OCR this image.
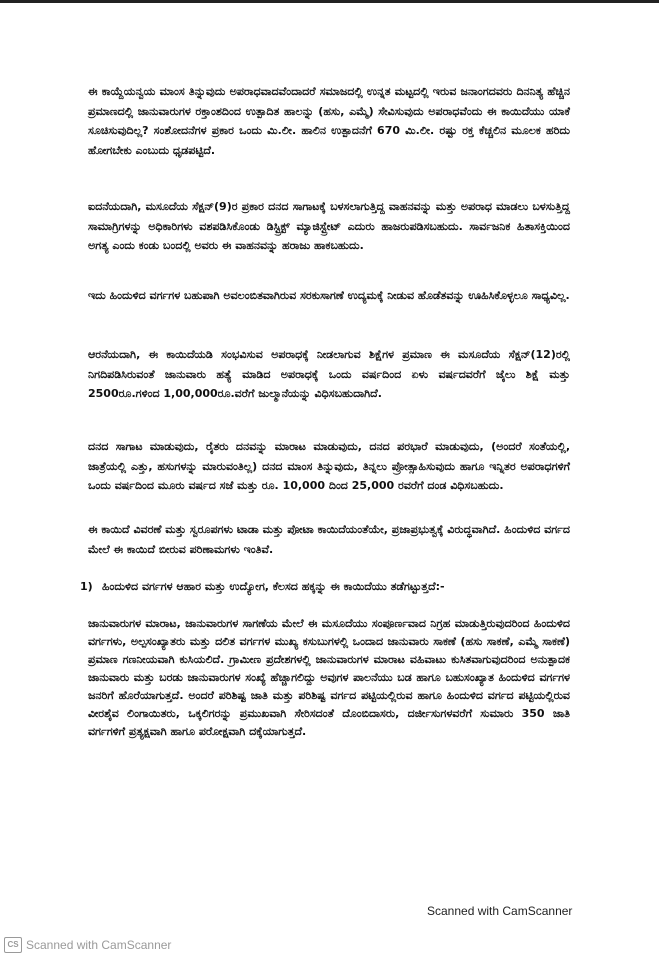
ಈ ಕಾಯ್ದೆಯನ್ವಯ ಮಾಂಸ ತಿನ್ನುವುದು ಅಪರಾಧವಾದವೆಂದಾದರೆ ಸಮಾಜದಲ್ಲಿ ಉನ್ನತ ಮಟ್ಟದಲ್ಲಿ ಇರುವ ಜನಾಂಗದವರು ದಿನನಿತ್ಯ ಹೆಚ್ಚಿನ ಪ್ರಮಾಣದಲ್ಲಿ ಜಾನುವಾರುಗಳ ರಕ್ತಾಂಶದಿಂದ ಉತ್ಪಾದಿತ ಹಾಲನ್ನು (ಹಸು, ಎಮ್ಮೆ) ಸೇವಿಸುವುದು ಅಪರಾಧವೆಂದು ಈ ಕಾಯಿದೆಯು ಯಾಕೆ ಸೂಚಿಸುವುದಿಲ್ಲ? ಸಂಶೋದನೆಗಳ ಪ್ರಕಾರ ಒಂದು ಮಿ.ಲೀ. ಹಾಲಿನ ಉತ್ಪಾದನೆಗೆ 670 ಮಿ.ಲೀ. ರಷ್ಟು ರಕ್ತ ಕೆಚ್ಚಲಿನ ಮೂಲಕ ಹರಿದು ಹೋಗಬೇಕು ಎಂಬುದು ಧೃಡಪಟ್ಟಿದೆ.

ಐದನೆಯದಾಗಿ, ಮಸೂದೆಯ ಸೆಕ್ಷನ್(9)ರ ಪ್ರಕಾರ ದನದ ಸಾಗಾಟಕ್ಕೆ ಬಳಸಲಾಗುತ್ತಿದ್ದ ವಾಹನವನ್ನು ಮತ್ತು ಅಪರಾಧ ಮಾಡಲು ಬಳಸುತ್ತಿದ್ದ ಸಾಮಾಗ್ರಿಗಳನ್ನು ಅಧಿಕಾರಿಗಳು ವಶಪಡಿಸಿಕೊಂಡು ಡಿಸ್ಟ್ರಿಕ್ಟ್ ಮ್ಯಾಜಿಸ್ಟ್ರೇಟ್ ಎದುರು ಹಾಜರುಪಡಿಸಬಹುದು. ಸಾರ್ವಜನಿಕ ಹಿತಾಸಕ್ತಿಯಿಂದ ಅಗತ್ಯ ಎಂದು ಕಂಡು ಬಂದಲ್ಲಿ ಅವರು ಈ ವಾಹನವನ್ನು ಹರಾಜು ಹಾಕಬಹುದು.

ಇದು ಹಿಂದುಳಿದ ವರ್ಗಗಳ ಬಹುಪಾಗಿ ಅವಲಂಬಿತವಾಗಿರುವ ಸರಕುಸಾಗಣೆ ಉದ್ಯಮಕ್ಕೆ ನೀಡುವ ಹೊಡೆತವನ್ನು ಊಹಿಸಿಕೊಳ್ಳಲೂ ಸಾಧ್ಯವಿಲ್ಲ.

ಆರನೆಯದಾಗಿ, ಈ ಕಾಯಿದೆಯಡಿ ಸಂಭವಿಸುವ ಅಪರಾಧಕ್ಕೆ ನೀಡಲಾಗುವ ಶಿಕ್ಷೆಗಳ ಪ್ರಮಾಣ ಈ ಮಸೂದೆಯ ಸೆಕ್ಷನ್(12)ರಲ್ಲಿ ನಿಗದಿಪಡಿಸಿರುವಂತೆ ಜಾನುವಾರು ಹತ್ಯೆ ಮಾಡಿದ ಅಪರಾಧಕ್ಕೆ ಒಂದು ವರ್ಷದಿಂದ ಏಳು ವರ್ಷದವರೆಗೆ ಜೈಲು ಶಿಕ್ಷೆ ಮತ್ತು 2500ರೂ.ಗಳಿಂದ 1,00,000ರೂ.ವರೆಗೆ ಜುಲ್ಮಾನೆಯನ್ನು ವಿಧಿಸಬಹುದಾಗಿದೆ.

ದನದ ಸಾಗಾಟ ಮಾಡುವುದು, ರೈತರು ದನವನ್ನು ಮಾರಾಟ ಮಾಡುವುದು, ದನದ ಪರಭಾರೆ ಮಾಡುವುದು, (ಅಂದರೆ ಸಂತೆಯಲ್ಲಿ, ಜಾತ್ರೆಯಲ್ಲಿ ಎತ್ತು, ಹಸುಗಳನ್ನು ಮಾರುವಂತಿಲ್ಲ) ದನದ ಮಾಂಸ ತಿನ್ನುವುದು, ತಿನ್ನಲು ಪ್ರೋತ್ಸಾಹಿಸುವುದು ಹಾಗೂ ಇನ್ನಿತರ ಅಪರಾಧಗಳಿಗೆ ಒಂದು ವರ್ಷದಿಂದ ಮೂರು ವರ್ಷದ ಸಜೆ ಮತ್ತು ರೂ. 10,000 ದಿಂದ 25,000 ರವರೆಗೆ ದಂಡ ವಿಧಿಸಬಹುದು.

ಈ ಕಾಯಿದೆ ವಿವರಣೆ ಮತ್ತು ಸ್ವರೂಪಗಳು ಟಾಡಾ ಮತ್ತು ಪೋಟಾ ಕಾಯಿದೆಯಂತೆಯೇ, ಪ್ರಜಾಪ್ರಭುತ್ವಕ್ಕೆ ವಿರುದ್ಧವಾಗಿದೆ. ಹಿಂದುಳಿದ ವರ್ಗದ ಮೇಲೆ ಈ ಕಾಯಿದೆ ಬೀರುವ ಪರಿಣಾಮಗಳು ಇಂತಿವೆ.

1) ಹಿಂದುಳಿದ ವರ್ಗಗಳ ಆಹಾರ ಮತ್ತು ಉದ್ಯೋಗ, ಕೆಲಸದ ಹಕ್ಕನ್ನು ಈ ಕಾಯಿದೆಯು ತಡೆಗಟ್ಟುತ್ತದೆ:-

ಜಾನುವಾರುಗಳ ಮಾರಾಟ, ಜಾನುವಾರುಗಳ ಸಾಗಣೆಯ ಮೇಲೆ ಈ ಮಸೂದೆಯು ಸಂಪೂರ್ಣವಾದ ನಿಗ್ರಹ ಮಾಡುತ್ತಿರುವುದರಿಂದ ಹಿಂದುಳಿದ ವರ್ಗಗಳು, ಅಲ್ಪಸಂಖ್ಯಾತರು ಮತ್ತು ದಲಿತ ವರ್ಗಗಳ ಮುಖ್ಯ ಕಸುಬುಗಳಲ್ಲಿ ಒಂದಾದ ಜಾನುವಾರು ಸಾಕಣೆ (ಹಸು ಸಾಕಣೆ, ಎಮ್ಮೆ ಸಾಕಣೆ) ಪ್ರಮಾಣ ಗಣನೀಯವಾಗಿ ಕುಸಿಯಲಿದೆ. ಗ್ರಾಮೀಣ ಪ್ರದೇಶಗಳಲ್ಲಿ ಜಾನುವಾರುಗಳ ಮಾರಾಟ ವಹಿವಾಟು ಕುಸಿತವಾಗುವುದರಿಂದ ಅನುತ್ಪಾದಕ ಜಾನುವಾರು ಮತ್ತು ಬರಡು ಜಾನುವಾರುಗಳ ಸಂಖ್ಯೆ ಹೆಚ್ಚಾಗಲಿದ್ದು ಅವುಗಳ ಪಾಲನೆಯು ಬಡ ಹಾಗೂ ಬಹುಸಂಖ್ಯಾತ ಹಿಂದುಳಿದ ವರ್ಗಗಳ ಜನರಿಗೆ ಹೊರೆಯಾಗುತ್ತದೆ. ಅಂದರೆ ಪರಿಶಿಷ್ಟ ಜಾತಿ ಮತ್ತು ಪರಿಶಿಷ್ಟ ವರ್ಗದ ಪಟ್ಟಿಯಲ್ಲಿರುವ ಹಾಗೂ ಹಿಂದುಳಿದ ವರ್ಗದ ಪಟ್ಟಿಯಲ್ಲಿರುವ ವೀರಶೈವ ಲಿಂಗಾಯಿತರು, ಒಕ್ಕಲಿಗರನ್ನು ಪ್ರಮುಖವಾಗಿ ಸೇರಿಸದಂತೆ ದೊಂಬಿದಾಸರು, ದರ್ಜೀಸುಗಳವರೆಗೆ ಸುಮಾರು 350 ಜಾತಿ ವರ್ಗಗಳಿಗೆ ಪ್ರತ್ಯಕ್ಷವಾಗಿ ಹಾಗೂ ಪರೋಕ್ಷವಾಗಿ ದಕ್ಕೆಯಾಗುತ್ತದೆ.

Scanned with CamScanner
CS Scanned with CamScanner
